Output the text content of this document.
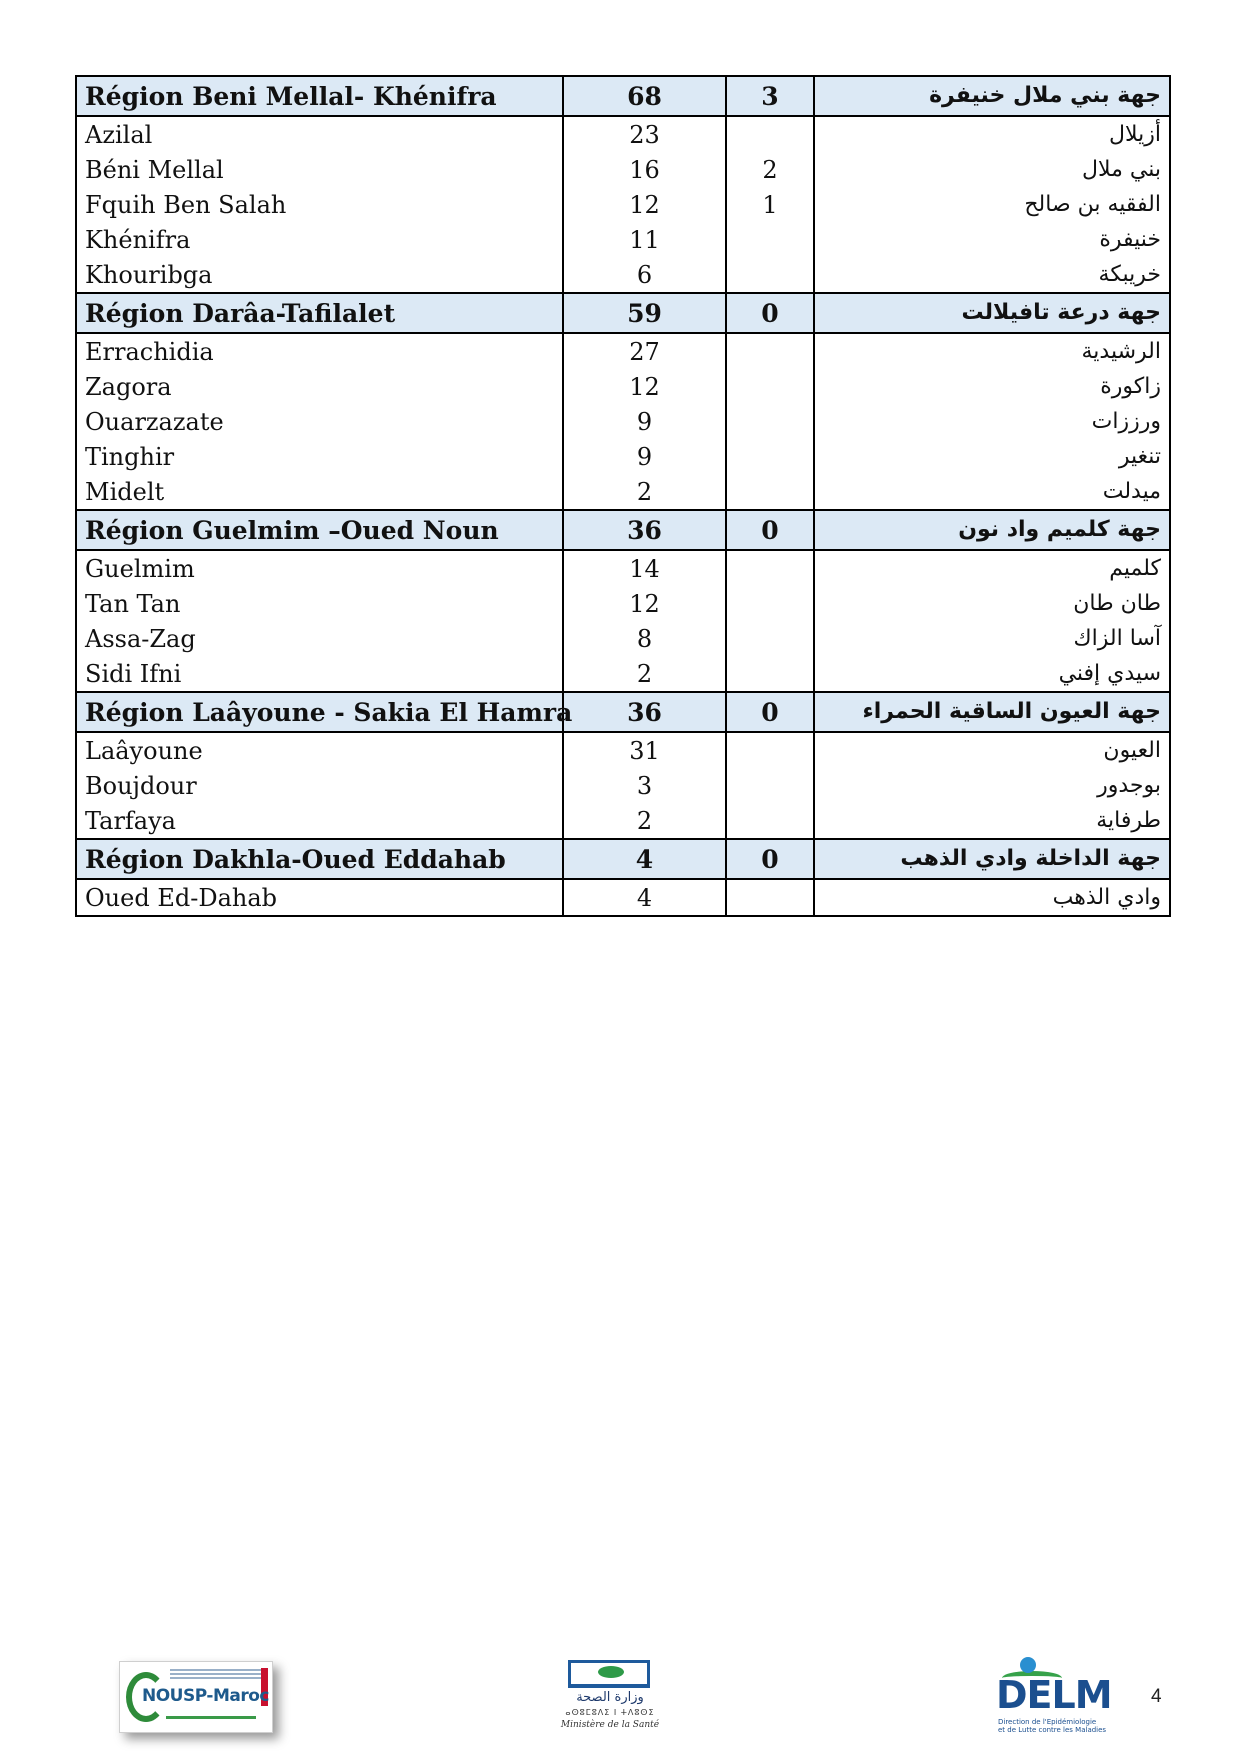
Région Beni Mellal- Khénifra	68	3	جهة بني ملال خنيفرة
Azilal	23		أزيلال
Béni Mellal	16	2	بني ملال
Fquih Ben Salah	12	1	الفقيه بن صالح
Khénifra	11		خنيفرة
Khouribga	6		خريبكة
Région Darâa-Tafilalet	59	0	جهة درعة تافيلالت
Errachidia	27		الرشيدية
Zagora	12		زاكورة
Ouarzazate	9		ورززات
Tinghir	9		تنغير
Midelt	2		ميدلت
Région Guelmim –Oued Noun	36	0	جهة كلميم واد نون
Guelmim	14		كلميم
Tan Tan	12		طان طان
Assa-Zag	8		آسا الزاك
Sidi Ifni	2		سيدي إفني
Région Laâyoune - Sakia El Hamra	36	0	جهة العيون الساقية الحمراء
Laâyoune	31		العيون
Boujdour	3		بوجدور
Tarfaya	2		طرفاية
Région Dakhla-Oued Eddahab	4	0	جهة الداخلة وادي الذهب
Oued Ed-Dahab	4		وادي الذهب
NOUSP-Maroc	وزارة الصحة
ⴰⵙⵓⵎⵓⴷⵉ ⵏ ⵜⴷⵓⵙⵉ
Ministère de la Santé
DELM
Direction de l'Epidémiologie
et de Lutte contre les Maladies
4
